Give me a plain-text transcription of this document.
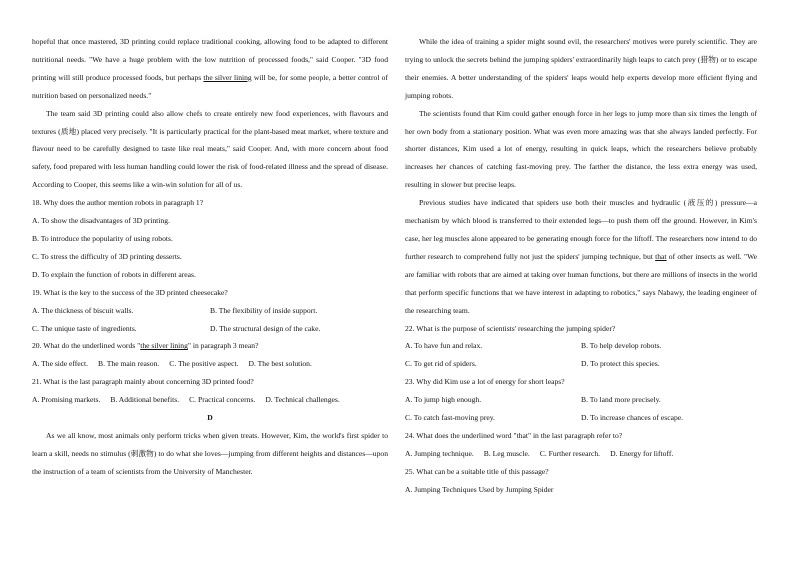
hopeful that once mastered, 3D printing could replace traditional cooking, allowing food to be adapted to different nutritional needs. "We have a huge problem with the low nutrition of processed foods," said Cooper. "3D food printing will still produce processed foods, but perhaps the silver lining will be, for some people, a better control of nutrition based on personalized needs."

The team said 3D printing could also allow chefs to create entirely new food experiences, with flavours and textures (质地) placed very precisely. "It is particularly practical for the plant-based meat market, where texture and flavour need to be carefully designed to taste like real meats," said Cooper. And, with more concern about food safety, food prepared with less human handling could lower the risk of food-related illness and the spread of disease. According to Cooper, this seems like a win-win solution for all of us.

18. Why does the author mention robots in paragraph 1?

A. To show the disadvantages of 3D printing.

B. To introduce the popularity of using robots.

C. To stress the difficulty of 3D printing desserts.

D. To explain the function of robots in different areas.

19. What is the key to the success of the 3D printed cheesecake?

A. The thickness of biscuit walls.	B. The flexibility of inside support.
C. The unique taste of ingredients.	D. The structural design of the cake.

20. What do the underlined words "the silver lining" in paragraph 3 mean?

A. The side effect. B. The main reason. C. The positive aspect. D. The best solution.

21. What is the last paragraph mainly about concerning 3D printed food?

A. Promising markets. B. Additional benefits. C. Practical concerns. D. Technical challenges.

D

As we all know, most animals only perform tricks when given treats. However, Kim, the world's first spider to learn a skill, needs no stimulus (刺激物) to do what she loves—jumping from different heights and distances—upon the instruction of a team of scientists from the University of Manchester.

While the idea of training a spider might sound evil, the researchers' motives were purely scientific. They are trying to unlock the secrets behind the jumping spiders' extraordinarily high leaps to catch prey (猎物) or to escape their enemies. A better understanding of the spiders' leaps would help experts develop more efficient flying and jumping robots.

The scientists found that Kim could gather enough force in her legs to jump more than six times the length of her own body from a stationary position. What was even more amazing was that she always landed perfectly. For shorter distances, Kim used a lot of energy, resulting in quick leaps, which the researchers believe probably increases her chances of catching fast-moving prey. The farther the distance, the less extra energy was used, resulting in slower but precise leaps.

Previous studies have indicated that spiders use both their muscles and hydraulic (液压的) pressure—a mechanism by which blood is transferred to their extended legs—to push them off the ground. However, in Kim's case, her leg muscles alone appeared to be generating enough force for the liftoff. The researchers now intend to do further research to comprehend fully not just the spiders' jumping technique, but that of other insects as well. "We are familiar with robots that are aimed at taking over human functions, but there are millions of insects in the world that perform specific functions that we have interest in adapting to robotics," says Nabawy, the leading engineer of the researching team.

22. What is the purpose of scientists' researching the jumping spider?

A. To have fun and relax.	B. To help develop robots.
C. To get rid of spiders.	D. To protect this species.

23. Why did Kim use a lot of energy for short leaps?

A. To jump high enough.	B. To land more precisely.
C. To catch fast-moving prey.	D. To increase chances of escape.

24. What does the underlined word "that" in the last paragraph refer to?

A. Jumping technique. B. Leg muscle. C. Further research. D. Energy for liftoff.

25. What can be a suitable title of this passage?

A. Jumping Techniques Used by Jumping Spider
